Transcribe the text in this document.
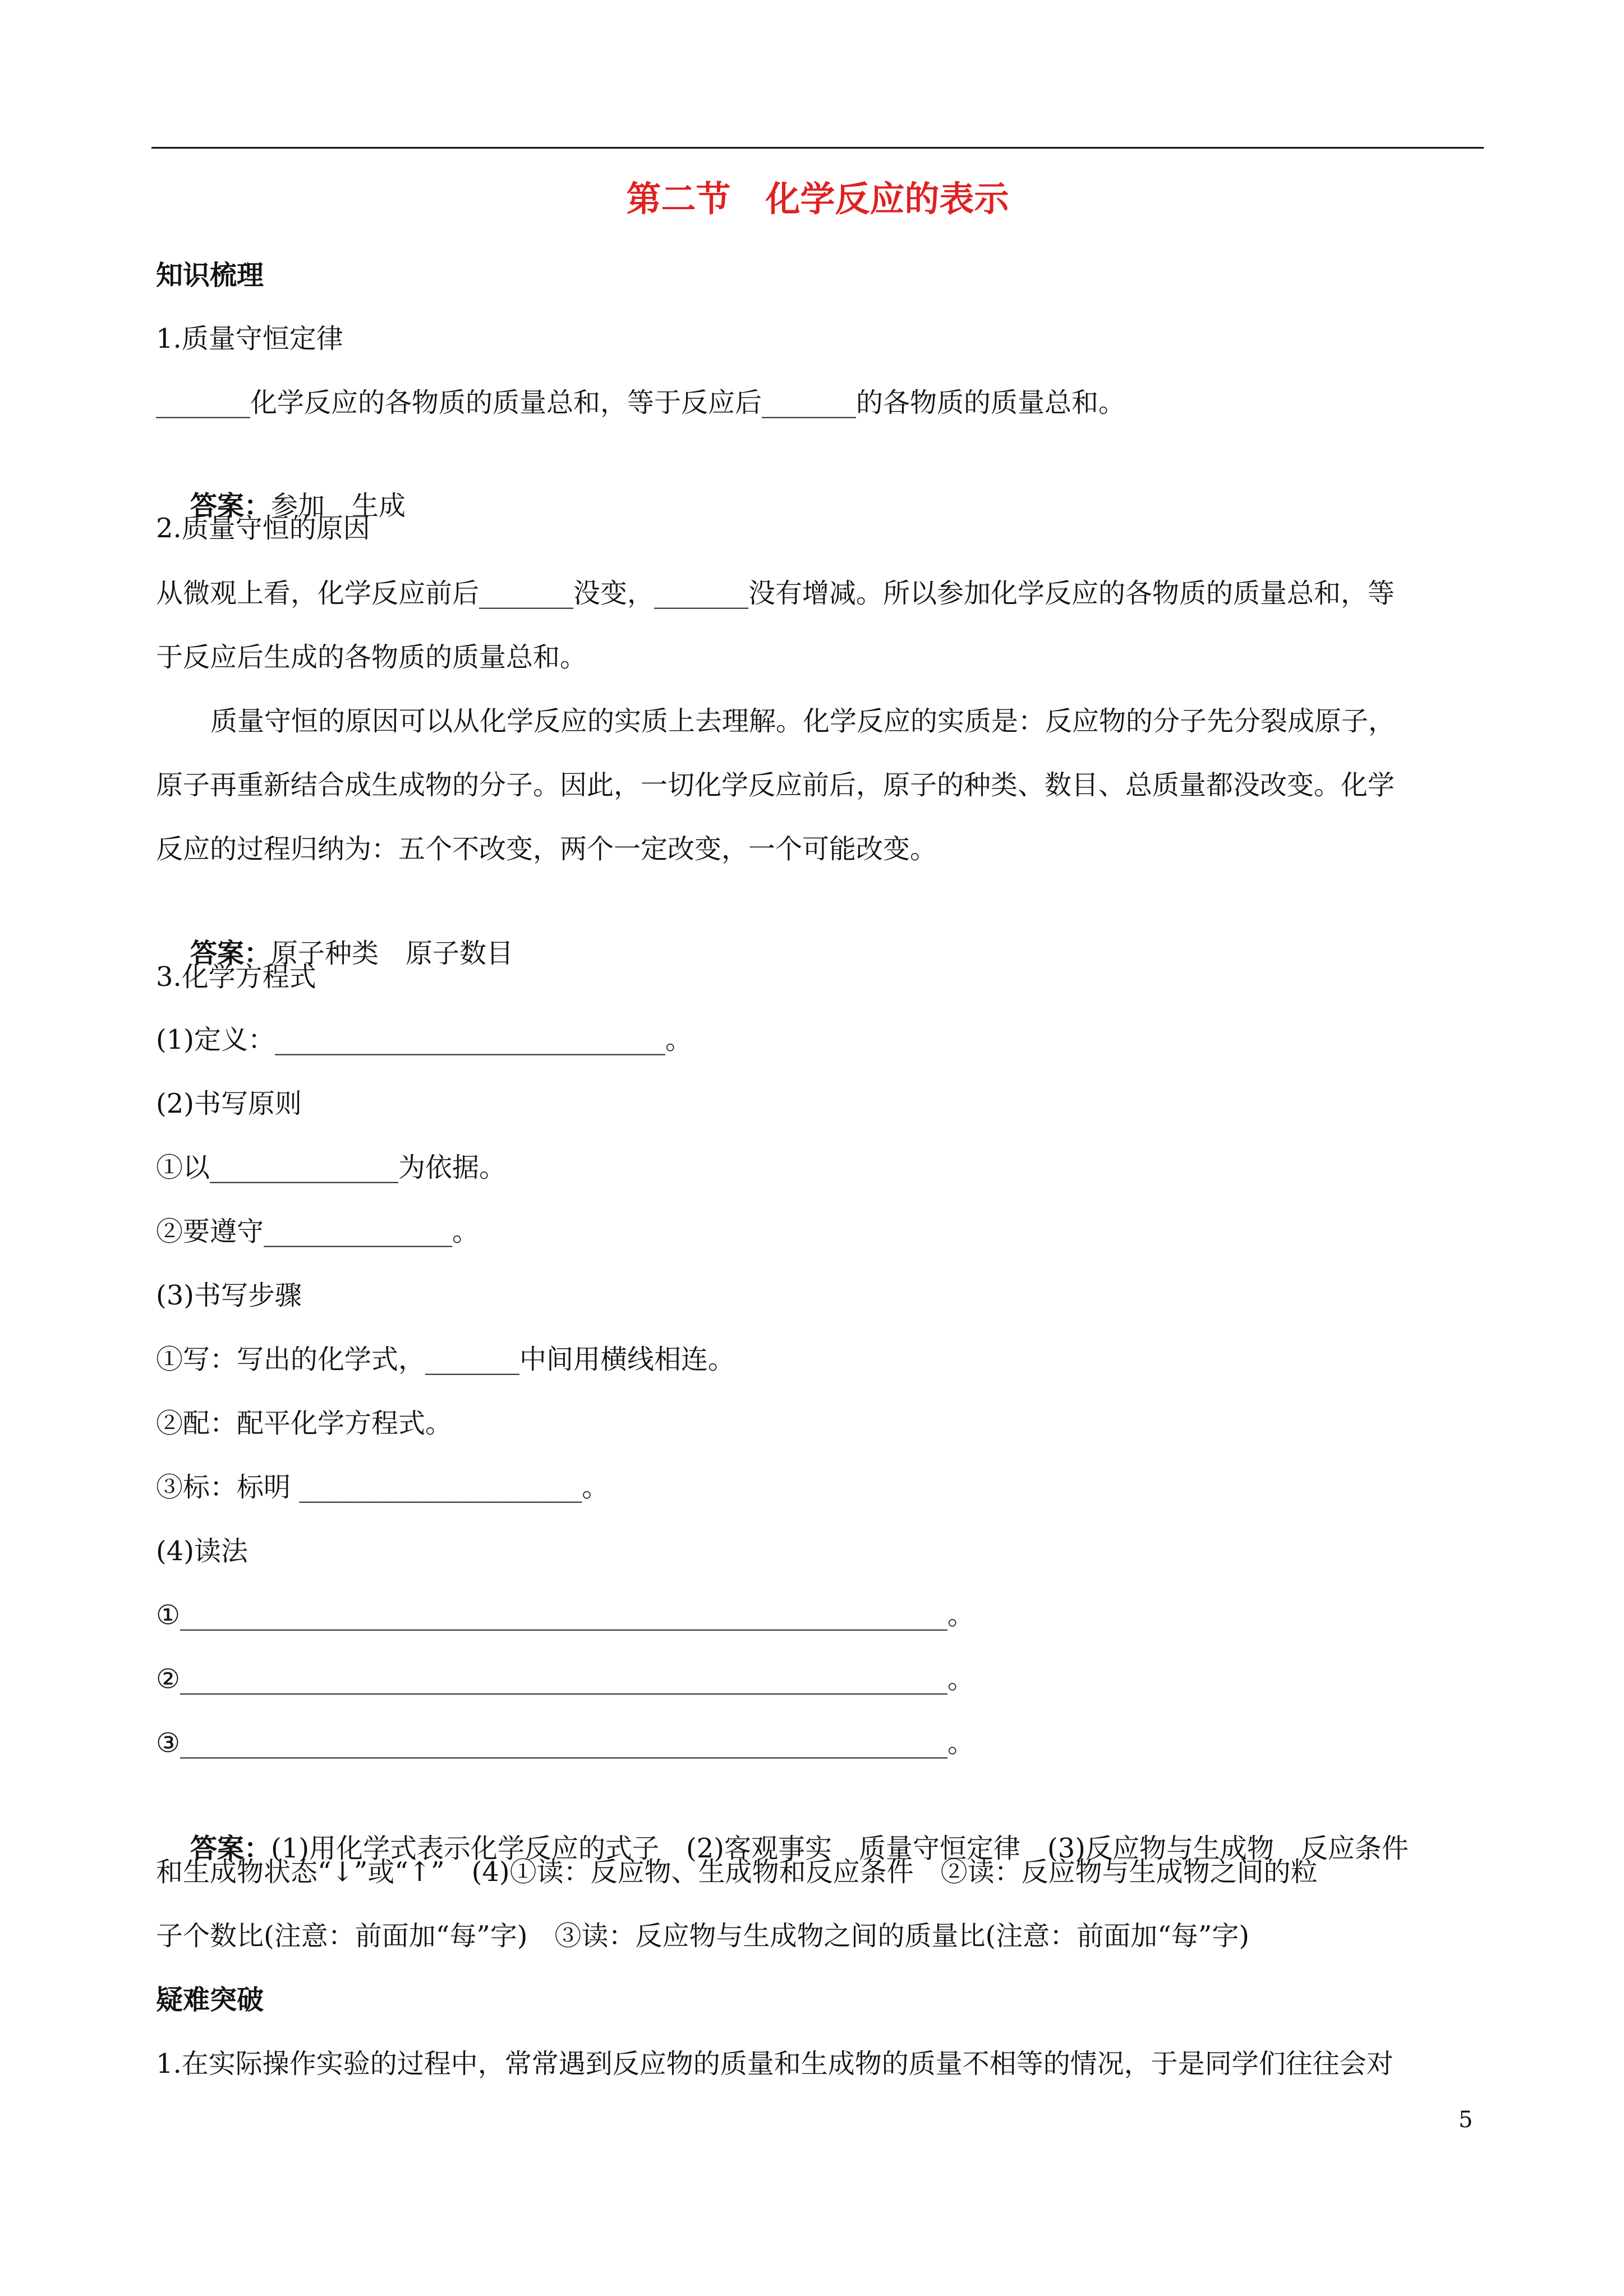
第二节　化学反应的表示
知识梳理
1.质量守恒定律
_______化学反应的各物质的质量总和，等于反应后_______的各物质的质量总和。

答案：参加　生成

2.质量守恒的原因
从微观上看，化学反应前后_______没变，_______没有增减。所以参加化学反应的各物质的质量总和，等
于反应后生成的各物质的质量总和。
质量守恒的原因可以从化学反应的实质上去理解。化学反应的实质是：反应物的分子先分裂成原子，
原子再重新结合成生成物的分子。因此，一切化学反应前后，原子的种类、数目、总质量都没改变。化学
反应的过程归纳为：五个不改变，两个一定改变，一个可能改变。

答案：原子种类　原子数目

3.化学方程式
(1)定义：_____________________________。
(2)书写原则
①以______________为依据。
②要遵守______________。
(3)书写步骤
①写：写出的化学式，_______中间用横线相连。
②配：配平化学方程式。
③标：标明 _____________________。
(4)读法
①_________________________________________________________。
②_________________________________________________________。
③_________________________________________________________。

答案：(1)用化学式表示化学反应的式子　(2)客观事实　质量守恒定律　(3)反应物与生成物　反应条件

和生成物状态“↓”或“↑”　(4)①读：反应物、生成物和反应条件　②读：反应物与生成物之间的粒
子个数比(注意：前面加“每”字)　③读：反应物与生成物之间的质量比(注意：前面加“每”字)
疑难突破
1.在实际操作实验的过程中，常常遇到反应物的质量和生成物的质量不相等的情况，于是同学们往往会对
5
